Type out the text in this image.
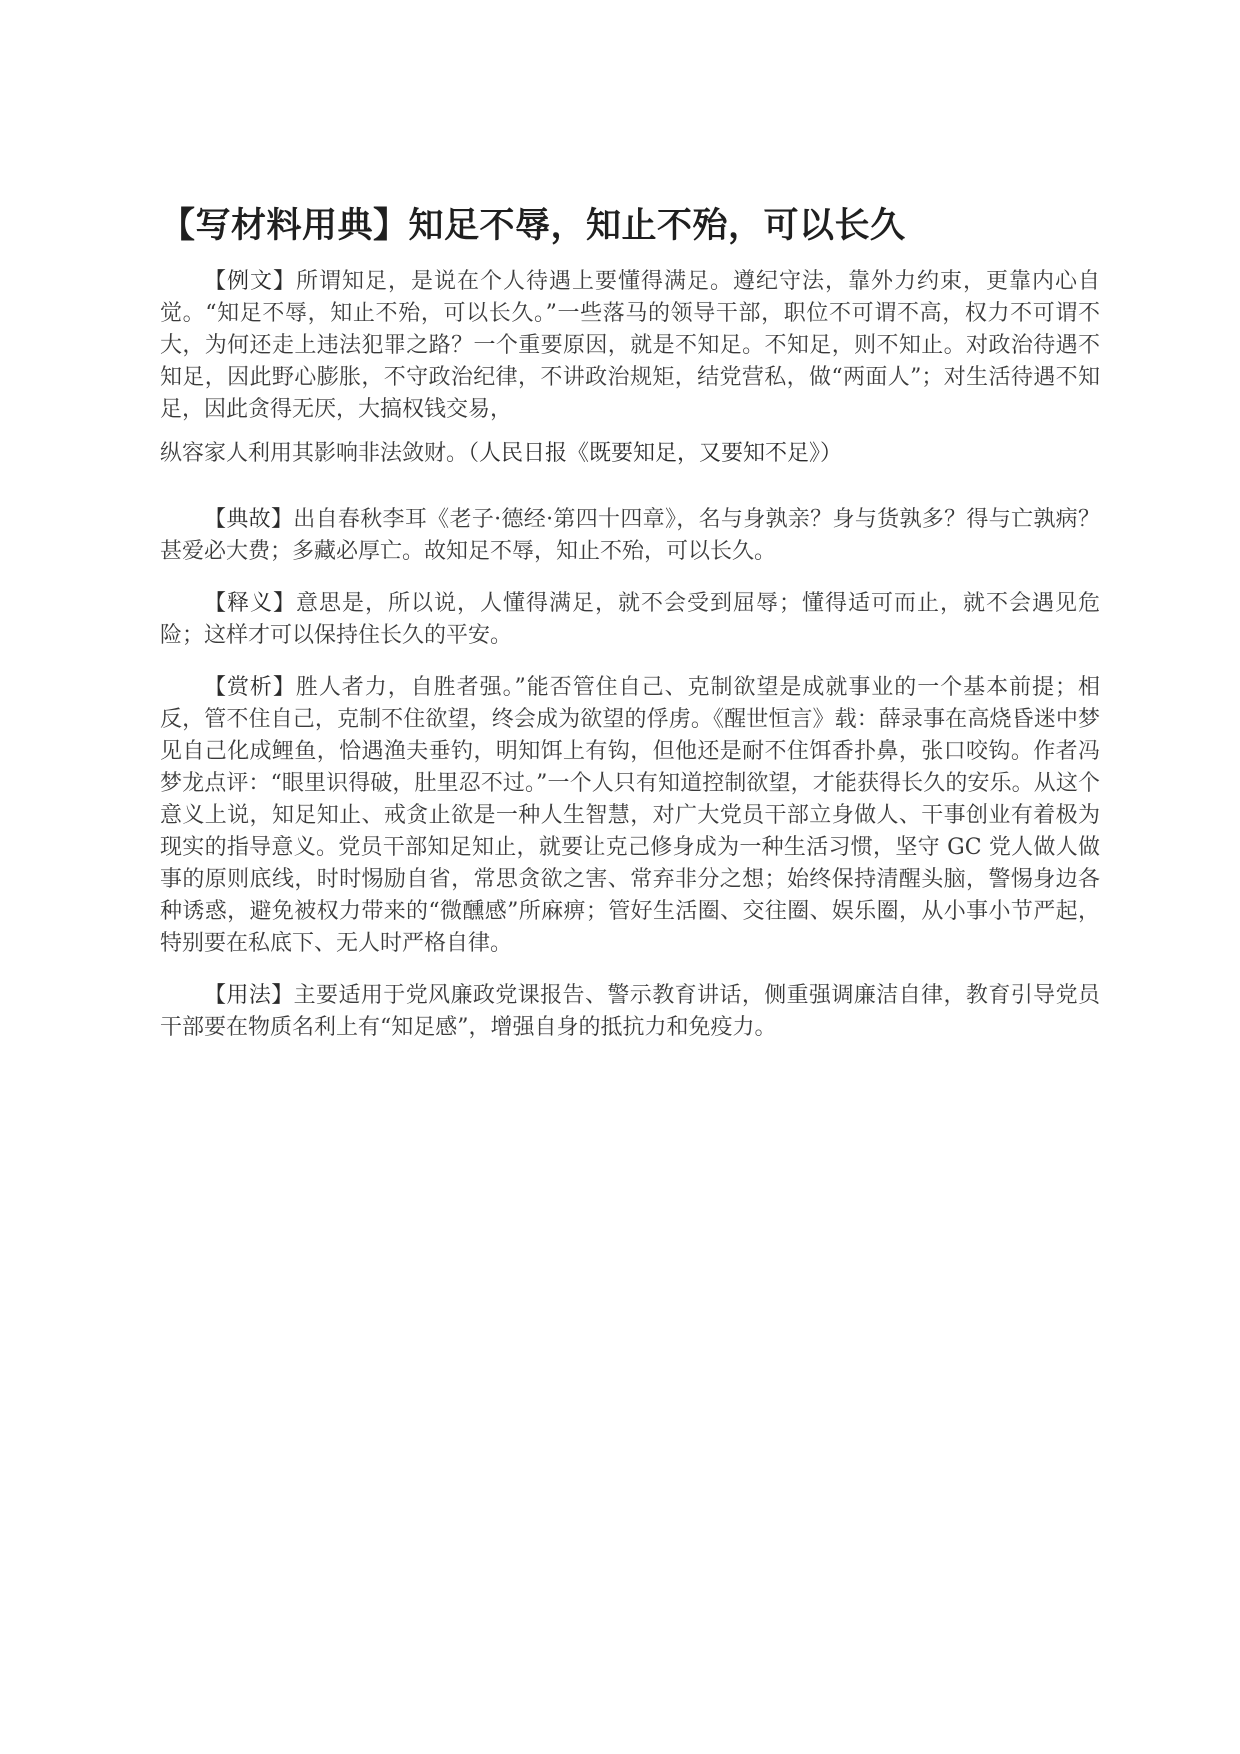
【写材料用典】知足不辱，知止不殆，可以长久

【例文】所谓知足，是说在个人待遇上要懂得满足。遵纪守法，靠外力约束，更靠内心自觉。“知足不辱，知止不殆，可以长久。”一些落马的领导干部，职位不可谓不高，权力不可谓不大，为何还走上违法犯罪之路？一个重要原因，就是不知足。不知足，则不知止。对政治待遇不知足，因此野心膨胀，不守政治纪律，不讲政治规矩，结党营私，做“两面人”；对生活待遇不知足，因此贪得无厌，大搞权钱交易，
纵容家人利用其影响非法敛财。（人民日报《既要知足，又要知不足》）

【典故】出自春秋李耳《老子·德经·第四十四章》，名与身孰亲？身与货孰多？得与亡孰病？甚爱必大费；多藏必厚亡。故知足不辱，知止不殆，可以长久。

【释义】意思是，所以说，人懂得满足，就不会受到屈辱；懂得适可而止，就不会遇见危险；这样才可以保持住长久的平安。

【赏析】胜人者力，自胜者强。”能否管住自己、克制欲望是成就事业的一个基本前提；相反，管不住自己，克制不住欲望，终会成为欲望的俘虏。《醒世恒言》载：薛录事在高烧昏迷中梦见自己化成鲤鱼，恰遇渔夫垂钓，明知饵上有钩，但他还是耐不住饵香扑鼻，张口咬钩。作者冯梦龙点评：“眼里识得破，肚里忍不过。”一个人只有知道控制欲望，才能获得长久的安乐。从这个意义上说，知足知止、戒贪止欲是一种人生智慧，对广大党员干部立身做人、干事创业有着极为现实的指导意义。党员干部知足知止，就要让克己修身成为一种生活习惯，坚守 GC 党人做人做事的原则底线，时时惕励自省，常思贪欲之害、常弃非分之想；始终保持清醒头脑，警惕身边各种诱惑，避免被权力带来的“微醺感”所麻痹；管好生活圈、交往圈、娱乐圈，从小事小节严起，特别要在私底下、无人时严格自律。

【用法】主要适用于党风廉政党课报告、警示教育讲话，侧重强调廉洁自律，教育引导党员干部要在物质名利上有“知足感”，增强自身的抵抗力和免疫力。
